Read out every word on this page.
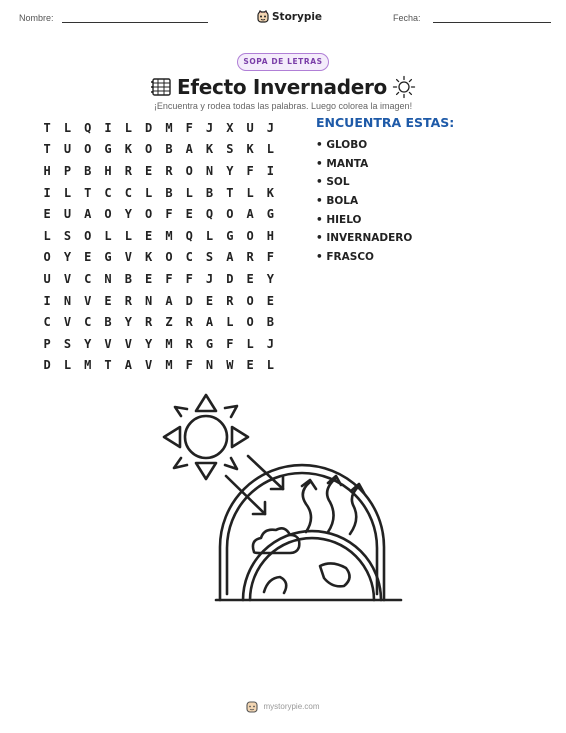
Nombre:	Storypie	Fecha:
SOPA DE LETRAS
Efecto Invernadero
¡Encuentra y rodea todas las palabras. Luego colorea la imagen!
T	L	Q	I	L	D	M	F	J	X	U	J
T	U	O	G	K	O	B	A	K	S	K	L
H	P	B	H	R	E	R	O	N	Y	F	I
I	L	T	C	C	L	B	L	B	T	L	K
E	U	A	O	Y	O	F	E	Q	O	A	G
L	S	O	L	L	E	M	Q	L	G	O	H
O	Y	E	G	V	K	O	C	S	A	R	F
U	V	C	N	B	E	F	F	J	D	E	Y
I	N	V	E	R	N	A	D	E	R	O	E
C	V	C	B	Y	R	Z	R	A	L	O	B
P	S	Y	V	V	Y	M	R	G	F	L	J
D	L	M	T	A	V	M	F	N	W	E	L
ENCUENTRA ESTAS:
• GLOBO
• MANTA
• SOL
• BOLA
• HIELO
• INVERNADERO
• FRASCO
mystorypie.com
